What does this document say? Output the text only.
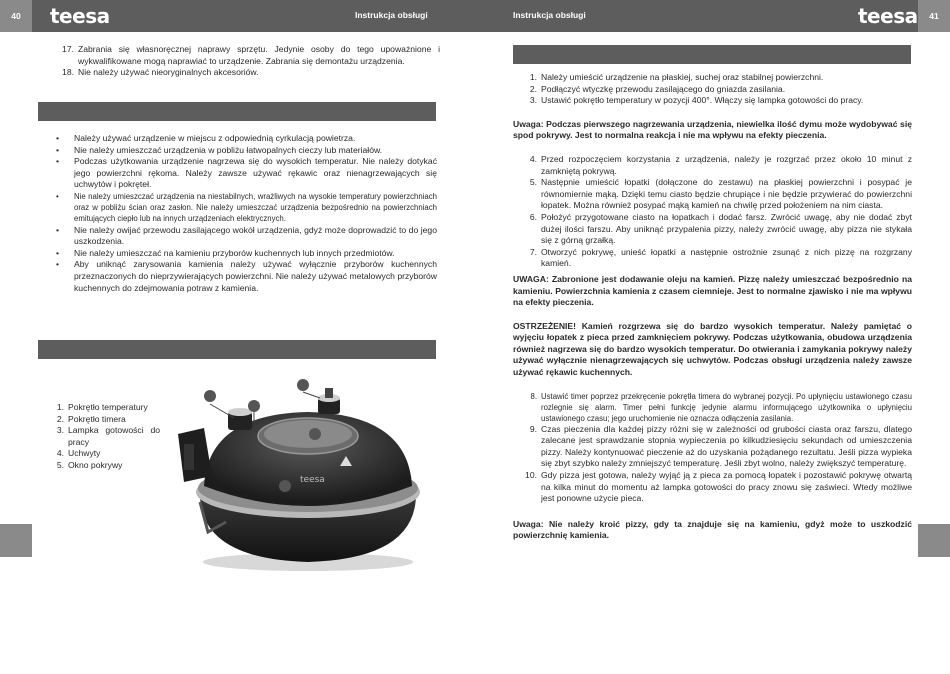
40	41
teesa	teesa
Instrukcja obsługi	Instrukcja obsługi
17. Zabrania się własnoręcznej naprawy sprzętu. Jedynie osoby do tego upoważnione i wykwalifikowane mogą naprawiać to urządzenie. Zabrania się demontażu urządzenia.
18. Nie należy używać nieoryginalnych akcesoriów.
• Należy używać urządzenie w miejscu z odpowiednią cyrkulacją powietrza.
• Nie należy umieszczać urządzenia w pobliżu łatwopalnych cieczy lub materiałów.
• Podczas użytkowania urządzenie nagrzewa się do wysokich temperatur. Nie należy dotykać jego powierzchni rękoma. Należy zawsze używać rękawic oraz nienagrzewających się uchwytów i pokręteł.
• Nie należy umieszczać urządzenia na niestabilnych, wrażliwych na wysokie temperatury powierzchniach oraz w pobliżu ścian oraz zasłon. Nie należy umieszczać urządzenia bezpośrednio na powierzchniach emitujących ciepło lub na innych urządzeniach elektrycznych.
• Nie należy owijać przewodu zasilającego wokół urządzenia, gdyż może doprowadzić to do jego uszkodzenia.
• Nie należy umieszczać na kamieniu przyborów kuchennych lub innych przedmiotów.
• Aby uniknąć zarysowania kamienia należy używać wyłącznie przyborów kuchennych przeznaczonych do nieprzywierających powierzchni. Nie należy używać metalowych przyborów kuchennych do zdejmowania potraw z kamienia.
1. Pokrętło temperatury
2. Pokrętło timera
3. Lampka gotowości do pracy
4. Uchwyty
5. Okno pokrywy
teesa
1. Należy umieścić urządzenie na płaskiej, suchej oraz stabilnej powierzchni.
2. Podłączyć wtyczkę przewodu zasilającego do gniazda zasilania.
3. Ustawić pokrętło temperatury w pozycji 400°. Włączy się lampka gotowości do pracy.

Uwaga: Podczas pierwszego nagrzewania urządzenia, niewielka ilość dymu może wydobywać się spod pokrywy. Jest to normalna reakcja i nie ma wpływu na efekty pieczenia.

4. Przed rozpoczęciem korzystania z urządzenia, należy je rozgrzać przez około 10 minut z zamkniętą pokrywą.
5. Następnie umieścić łopatki (dołączone do zestawu) na płaskiej powierzchni i posypać je równomiernie mąką. Dzięki temu ciasto będzie chrupiące i nie będzie przywierać do powierzchni łopatek. Można również posypać mąką kamień na chwilę przed położeniem na nim ciasta.
6. Położyć przygotowane ciasto na łopatkach i dodać farsz. Zwrócić uwagę, aby nie dodać zbyt dużej ilości farszu. Aby uniknąć przypalenia pizzy, należy zwrócić uwagę, aby pizza nie stykała się z górną grzałką.
7. Otworzyć pokrywę, unieść łopatki a następnie ostrożnie zsunąć z nich pizzę na rozgrzany kamień.

UWAGA: Zabronione jest dodawanie oleju na kamień. Pizzę należy umieszczać bezpośrednio na kamieniu. Powierzchnia kamienia z czasem ciemnieje. Jest to normalne zjawisko i nie ma wpływu na efekty pieczenia.

OSTRZEŻENIE! Kamień rozgrzewa się do bardzo wysokich temperatur. Należy pamiętać o wyjęciu łopatek z pieca przed zamknięciem pokrywy. Podczas użytkowania, obudowa urządzenia również nagrzewa się do bardzo wysokich temperatur. Do otwierania i zamykania pokrywy należy używać wyłącznie nienagrzewających się uchwytów. Podczas obsługi urządzenia należy zawsze używać rękawic kuchennych.

8. Ustawić timer poprzez przekręcenie pokrętła timera do wybranej pozycji. Po upłynięciu ustawionego czasu rozlegnie się alarm. Timer pełni funkcję jedynie alarmu informującego użytkownika o upłynięciu ustawionego czasu; jego uruchomienie nie oznacza odłączenia zasilania.
9. Czas pieczenia dla każdej pizzy różni się w zależności od grubości ciasta oraz farszu, dlatego zalecane jest sprawdzanie stopnia wypieczenia po kilkudziesięciu sekundach od umieszczenia pizzy. Należy kontynuować pieczenie aż do uzyskania pożądanego rezultatu. Jeśli pizza wypieka się zbyt szybko należy zmniejszyć temperaturę. Jeśli zbyt wolno, należy zwiększyć temperaturę.
10. Gdy pizza jest gotowa, należy wyjąć ją z pieca za pomocą łopatek i pozostawić pokrywę otwartą na kilka minut do momentu aż lampka gotowości do pracy znowu się zaświeci. Wtedy możliwe jest ponowne użycie pieca.

Uwaga: Nie należy kroić pizzy, gdy ta znajduje się na kamieniu, gdyż może to uszkodzić powierzchnię kamienia.
